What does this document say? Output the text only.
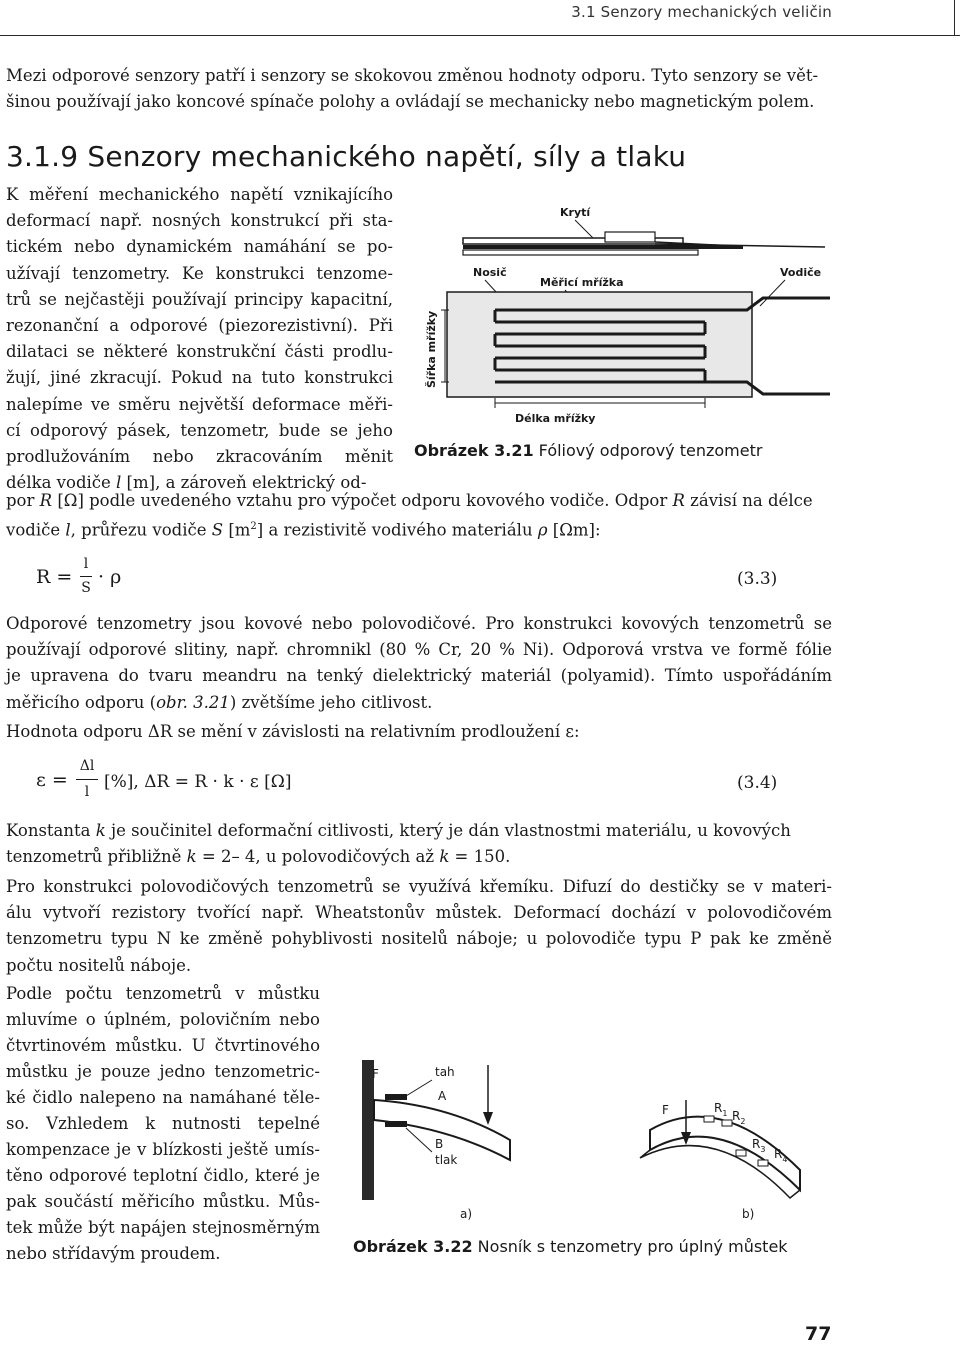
3.1 Senzory mechanických veličin
Mezi odporové senzory patří i senzory se skokovou změnou hodnoty odporu. Tyto senzory se vět-
šinou používají jako koncové spínače polohy a ovládají se mechanicky nebo magnetickým polem.
3.1.9 Senzory mechanického napětí, síly a tlaku
K měření mechanického napětí vznikajícího
deformací např. nosných konstrukcí při sta-
tickém nebo dynamickém namáhání se po-
užívají tenzometry. Ke konstrukci tenzome-
trů se nejčastěji používají principy kapacitní,
rezonanční a odporové (piezorezistivní). Při
dilataci se některé konstrukční části prodlu-
žují, jiné zkracují. Pokud na tuto konstrukci
nalepíme ve směru největší deformace měři-
cí odporový pásek, tenzometr, bude se jeho
prodlužováním nebo zkracováním měnit
délka vodiče l [m], a zároveň elektrický od-
por R [Ω] podle uvedeného vztahu pro výpočet odporu kovového vodiče. Odpor R závisí na délce
vodiče l, průřezu vodiče S $[m^2]$ a rezistivitě vodivého materiálu ρ [Ωm]:
Krytí
Nosič
Měřicí mřížka
Vodiče
Šířka mřížky
Délka mřížky
Obrázek 3.21 Fóliový odporový tenzometr
R =
l
S · ρ	(3.3)
Odporové tenzometry jsou kovové nebo polovodičové. Pro konstrukci kovových tenzometrů se
používají odporové slitiny, např. chromnikl (80 % Cr, 20 % Ni). Odporová vrstva ve formě fólie
je upravena do tvaru meandru na tenký dielektrický materiál (polyamid). Tímto uspořádáním
měřicího odporu (obr. 3.21) zvětšíme jeho citlivost.
Hodnota odporu ΔR se mění v závislosti na relativním prodloužení ε:
ε =
Δl
l [%], ΔR = R · k · ε [Ω]	(3.4)
Konstanta k je součinitel deformační citlivosti, který je dán vlastnostmi materiálu, u kovových
tenzometrů přibližně k = 2– 4, u polovodičových až k = 150.
Pro konstrukci polovodičových tenzometrů se využívá křemíku. Difuzí do destičky se v materi-
álu vytvoří rezistory tvořící např. Wheatstonův můstek. Deformací dochází v polovodičovém
tenzometru typu N ke změně pohyblivosti nositelů náboje; u polovodiče typu P pak ke změně
počtu nositelů náboje.
Podle počtu tenzometrů v můstku
mluvíme o úplném, polovičním nebo
čtvrtinovém můstku. U čtvrtinového
můstku je pouze jedno tenzometric-
ké čidlo nalepeno na namáhané těle-
so. Vzhledem k nutnosti tepelné
kompenzace je v blízkosti ještě umís-
těno odporové teplotní čidlo, které je
pak součástí měřicího můstku. Můs-
tek může být napájen stejnosměrným
nebo střídavým proudem.
F	tah
A
B
tlak
a)
F	$R_1$ $R_2$
$R_3$ $R_4$
b)
Obrázek 3.22 Nosník s tenzometry pro úplný můstek
77
